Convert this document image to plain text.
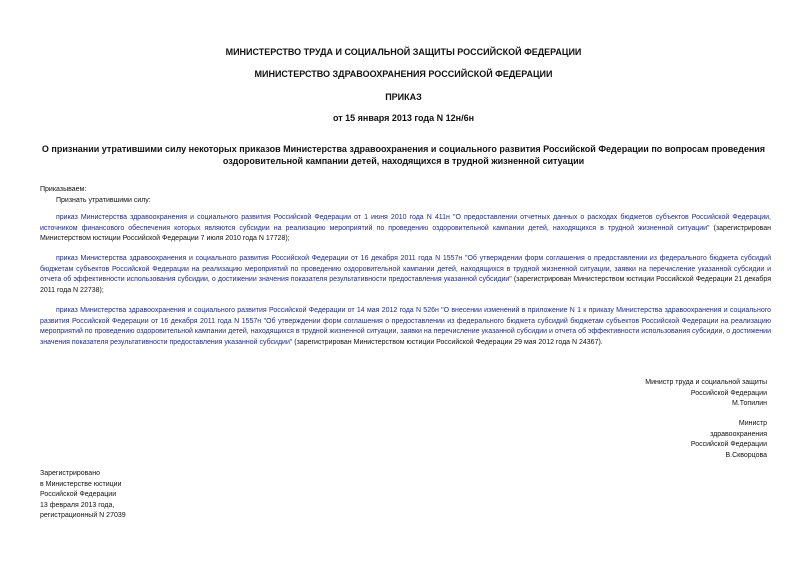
МИНИСТЕРСТВО ТРУДА И СОЦИАЛЬНОЙ ЗАЩИТЫ РОССИЙСКОЙ ФЕДЕРАЦИИ
МИНИСТЕРСТВО ЗДРАВООХРАНЕНИЯ РОССИЙСКОЙ ФЕДЕРАЦИИ
ПРИКАЗ
от 15 января 2013 года N 12н/6н
О признании утратившими силу некоторых приказов Министерства здравоохранения и социального развития Российской Федерации по вопросам проведения оздоровительной кампании детей, находящихся в трудной жизненной ситуации
Приказываем:
Признать утратившими силу:

приказ Министерства здравоохранения и социального развития Российской Федерации от 1 июня 2010 года N 411н "О предоставлении отчетных данных о расходах бюджетов субъектов Российской Федерации, источником финансового обеспечения которых являются субсидии на реализацию мероприятий по проведению оздоровительной кампании детей, находящихся в трудной жизненной ситуации" (зарегистрирован Министерством юстиции Российской Федерации 7 июля 2010 года N 17728);

приказ Министерства здравоохранения и социального развития Российской Федерации от 16 декабря 2011 года N 1557н "Об утверждении форм соглашения о предоставлении из федерального бюджета субсидий бюджетам субъектов Российской Федерации на реализацию мероприятий по проведению оздоровительной кампании детей, находящихся в трудной жизненной ситуации, заявки на перечисление указанной субсидии и отчета об эффективности использования субсидии, о достижении значения показателя результативности предоставления указанной субсидии" (зарегистрирован Министерством юстиции Российской Федерации 21 декабря 2011 года N 22738);

приказ Министерства здравоохранения и социального развития Российской Федерации от 14 мая 2012 года N 526н "О внесении изменений в приложение N 1 к приказу Министерства здравоохранения и социального развития Российской Федерации от 16 декабря 2011 года N 1557н "Об утверждении форм соглашения о предоставлении из федерального бюджета субсидий бюджетам субъектов Российской Федерации на реализацию мероприятий по проведению оздоровительной кампании детей, находящихся в трудной жизненной ситуации, заявки на перечисление указанной субсидии и отчета об эффективности использования субсидии, о достижении значения показателя результативности предоставления указанной субсидии" (зарегистрирован Министерством юстиции Российской Федерации 29 мая 2012 года N 24367).

Министр труда и социальной защиты
Российской Федерации
М.Топилин
Министр
здравоохранения
Российской Федерации
В.Скворцова
Зарегистрировано
в Министерстве юстиции
Российской Федерации
13 февраля 2013 года,
регистрационный N 27039
